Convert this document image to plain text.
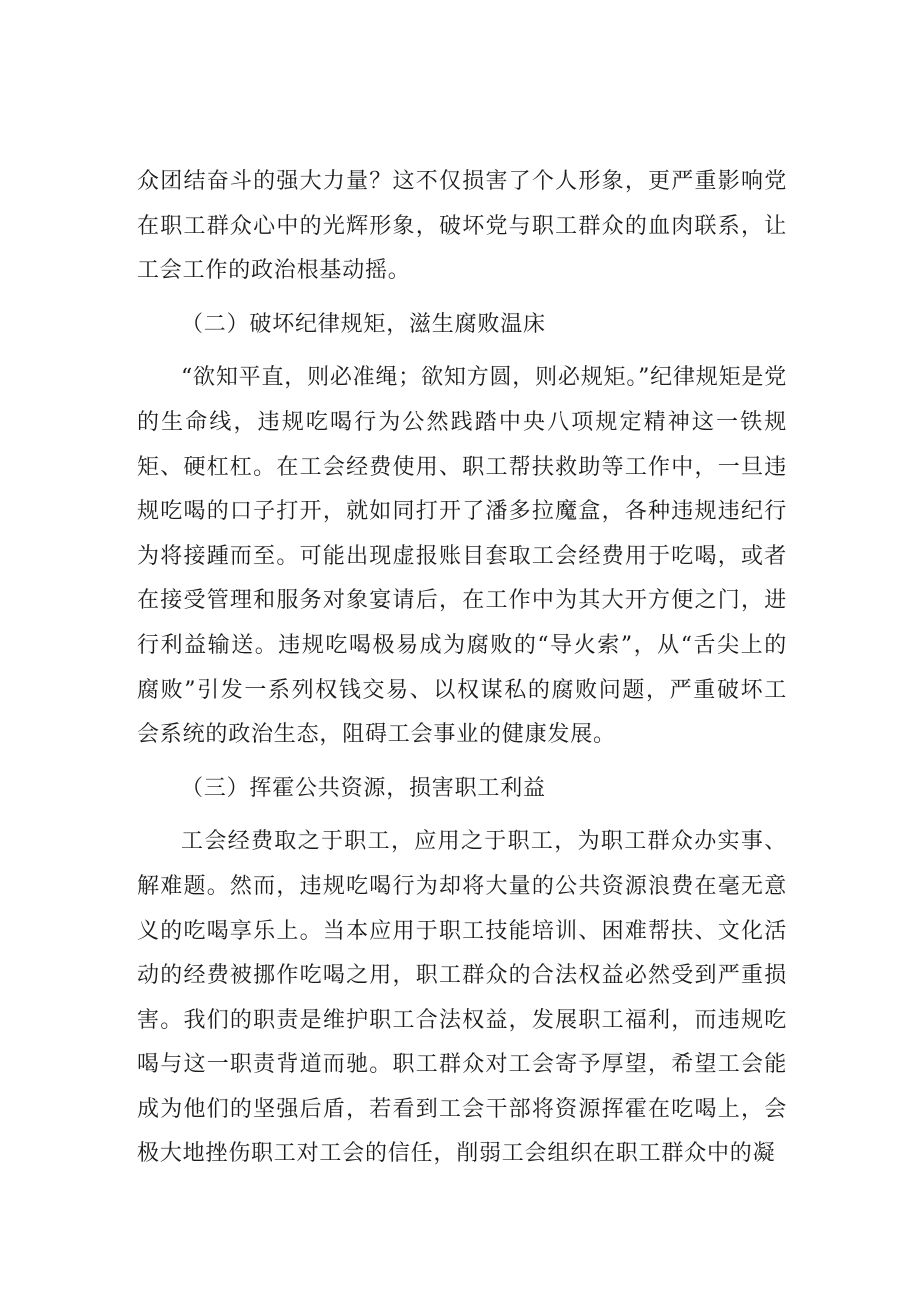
众团结奋斗的强大力量？这不仅损害了个人形象，更严重影响党在职工群众心中的光辉形象，破坏党与职工群众的血肉联系，让工会工作的政治根基动摇。

（二）破坏纪律规矩，滋生腐败温床

“欲知平直，则必准绳；欲知方圆，则必规矩。”纪律规矩是党的生命线，违规吃喝行为公然践踏中央八项规定精神这一铁规矩、硬杠杠。在工会经费使用、职工帮扶救助等工作中，一旦违规吃喝的口子打开，就如同打开了潘多拉魔盒，各种违规违纪行为将接踵而至。可能出现虚报账目套取工会经费用于吃喝，或者在接受管理和服务对象宴请后，在工作中为其大开方便之门，进行利益输送。违规吃喝极易成为腐败的“导火索”，从“舌尖上的腐败”引发一系列权钱交易、以权谋私的腐败问题，严重破坏工会系统的政治生态，阻碍工会事业的健康发展。

（三）挥霍公共资源，损害职工利益

工会经费取之于职工，应用之于职工，为职工群众办实事、解难题。然而，违规吃喝行为却将大量的公共资源浪费在毫无意义的吃喝享乐上。当本应用于职工技能培训、困难帮扶、文化活动的经费被挪作吃喝之用，职工群众的合法权益必然受到严重损害。我们的职责是维护职工合法权益，发展职工福利，而违规吃喝与这一职责背道而驰。职工群众对工会寄予厚望，希望工会能成为他们的坚强后盾，若看到工会干部将资源挥霍在吃喝上，会极大地挫伤职工对工会的信任，削弱工会组织在职工群众中的凝
